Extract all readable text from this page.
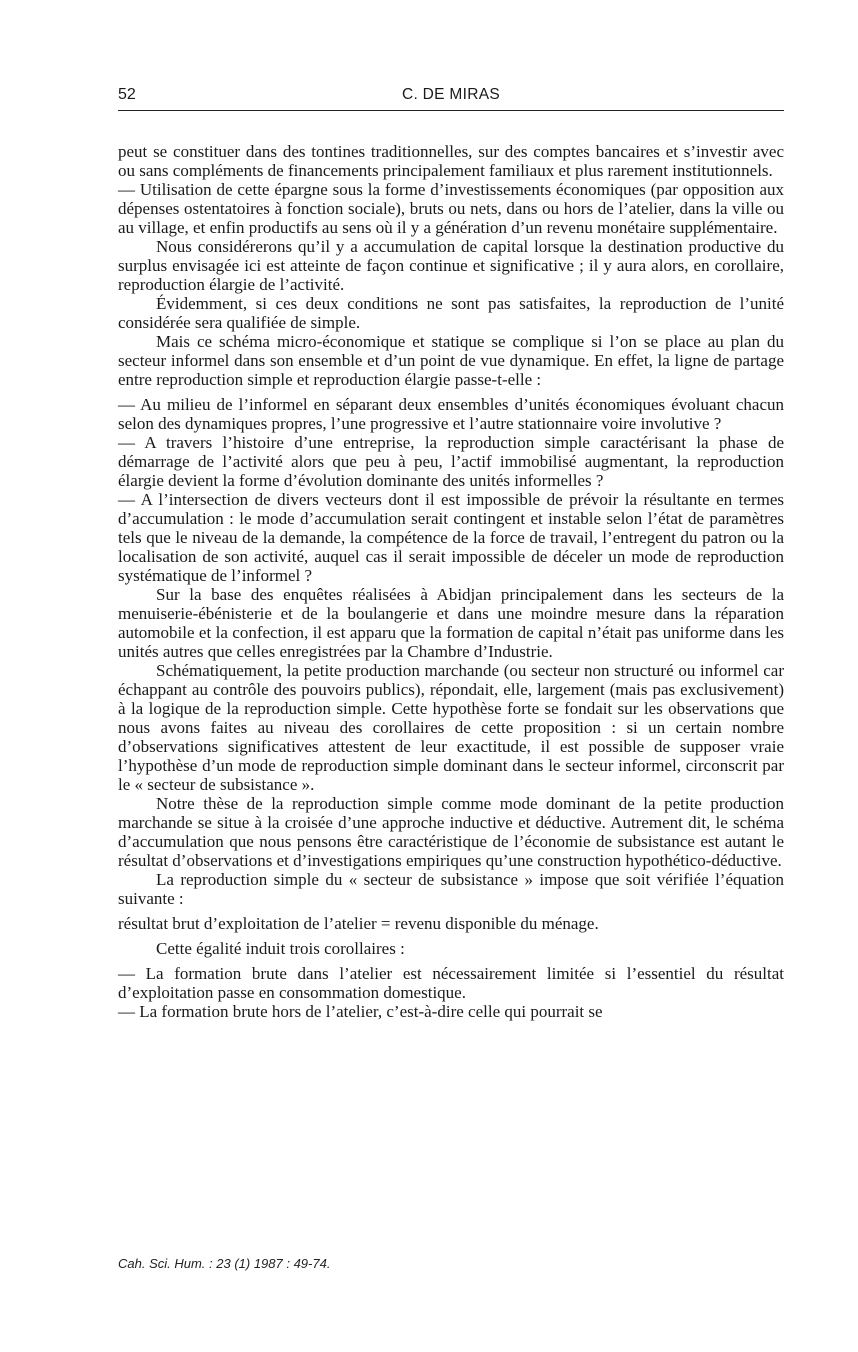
52	C. DE MIRAS

peut se constituer dans des tontines traditionnelles, sur des comptes bancaires et s’investir avec ou sans compléments de financements principalement familiaux et plus rarement institutionnels.

— Utilisation de cette épargne sous la forme d’investissements économiques (par opposition aux dépenses ostentatoires à fonction sociale), bruts ou nets, dans ou hors de l’atelier, dans la ville ou au village, et enfin productifs au sens où il y a génération d’un revenu monétaire supplémentaire.

Nous considérerons qu’il y a accumulation de capital lorsque la destination productive du surplus envisagée ici est atteinte de façon continue et significative ; il y aura alors, en corollaire, reproduction élargie de l’activité.

Évidemment, si ces deux conditions ne sont pas satisfaites, la reproduction de l’unité considérée sera qualifiée de simple.

Mais ce schéma micro-économique et statique se complique si l’on se place au plan du secteur informel dans son ensemble et d’un point de vue dynamique. En effet, la ligne de partage entre reproduction simple et reproduction élargie passe-t-elle :

— Au milieu de l’informel en séparant deux ensembles d’unités économiques évoluant chacun selon des dynamiques propres, l’une progressive et l’autre stationnaire voire involutive ?

— A travers l’histoire d’une entreprise, la reproduction simple caractérisant la phase de démarrage de l’activité alors que peu à peu, l’actif immobilisé augmentant, la reproduction élargie devient la forme d’évolution dominante des unités informelles ?

— A l’intersection de divers vecteurs dont il est impossible de prévoir la résultante en termes d’accumulation : le mode d’accumulation serait contingent et instable selon l’état de paramètres tels que le niveau de la demande, la compétence de la force de travail, l’entregent du patron ou la localisation de son activité, auquel cas il serait impossible de déceler un mode de reproduction systématique de l’informel ?

Sur la base des enquêtes réalisées à Abidjan principalement dans les secteurs de la menuiserie-ébénisterie et de la boulangerie et dans une moindre mesure dans la réparation automobile et la confection, il est apparu que la formation de capital n’était pas uniforme dans les unités autres que celles enregistrées par la Chambre d’Industrie.

Schématiquement, la petite production marchande (ou secteur non structuré ou informel car échappant au contrôle des pouvoirs publics), répondait, elle, largement (mais pas exclusivement) à la logique de la reproduction simple. Cette hypothèse forte se fondait sur les observations que nous avons faites au niveau des corollaires de cette proposition : si un certain nombre d’observations significatives attestent de leur exactitude, il est possible de supposer vraie l’hypothèse d’un mode de reproduction simple dominant dans le secteur informel, circonscrit par le « secteur de subsistance ».

Notre thèse de la reproduction simple comme mode dominant de la petite production marchande se situe à la croisée d’une approche inductive et déductive. Autrement dit, le schéma d’accumulation que nous pensons être caractéristique de l’économie de subsistance est autant le résultat d’observations et d’investigations empiriques qu’une construction hypothético-déductive.

La reproduction simple du « secteur de subsistance » impose que soit vérifiée l’équation suivante :

résultat brut d’exploitation de l’atelier = revenu disponible du ménage.

Cette égalité induit trois corollaires :

— La formation brute dans l’atelier est nécessairement limitée si l’essentiel du résultat d’exploitation passe en consommation domestique.

— La formation brute hors de l’atelier, c’est-à-dire celle qui pourrait se

Cah. Sci. Hum. : 23 (1) 1987 : 49-74.
